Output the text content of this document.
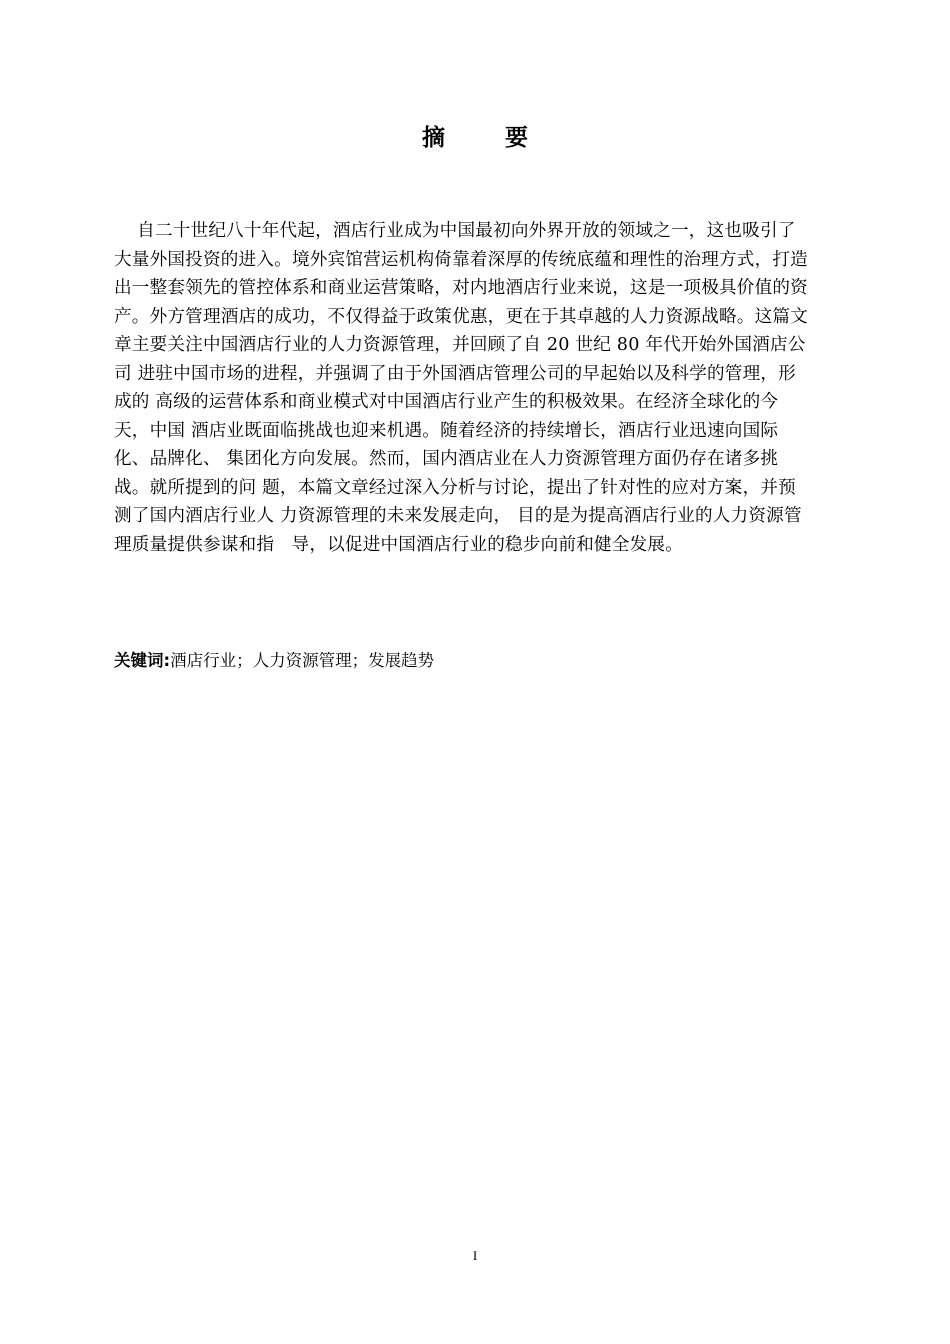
摘 要
自二十世纪八十年代起，酒店行业成为中国最初向外界开放的领域之一，这也吸引了
大量外国投资的进入。境外宾馆营运机构倚靠着深厚的传统底蕴和理性的治理方式，打造
出一整套领先的管控体系和商业运营策略，对内地酒店行业来说，这是一项极具价值的资
产。外方管理酒店的成功，不仅得益于政策优惠，更在于其卓越的人力资源战略。这篇文
章主要关注中国酒店行业的人力资源管理，并回顾了自 20 世纪 80 年代开始外国酒店公
司 进驻中国市场的进程，并强调了由于外国酒店管理公司的早起始以及科学的管理，形
成的 高级的运营体系和商业模式对中国酒店行业产生的积极效果。在经济全球化的今
天，中国 酒店业既面临挑战也迎来机遇。随着经济的持续增长，酒店行业迅速向国际
化、品牌化、 集团化方向发展。然而，国内酒店业在人力资源管理方面仍存在诸多挑
战。就所提到的问 题，本篇文章经过深入分析与讨论，提出了针对性的应对方案，并预
测了国内酒店行业人 力资源管理的未来发展走向， 目的是为提高酒店行业的人力资源管
理质量提供参谋和指   导，以促进中国酒店行业的稳步向前和健全发展。
关键词:酒店行业；人力资源管理；发展趋势
I
